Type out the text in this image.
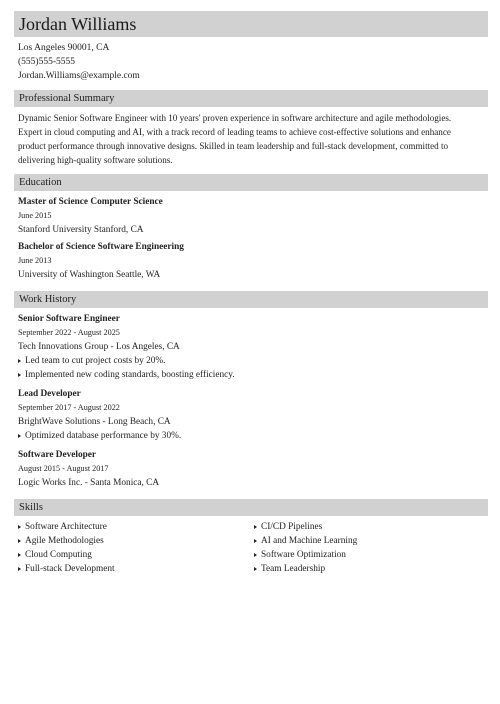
Jordan Williams
Los Angeles 90001, CA
(555)555-5555
Jordan.Williams@example.com
Professional Summary
Dynamic Senior Software Engineer with 10 years' proven experience in software architecture and agile methodologies.
Expert in cloud computing and AI, with a track record of leading teams to achieve cost-effective solutions and enhance
product performance through innovative designs. Skilled in team leadership and full-stack development, committed to
delivering high-quality software solutions.
Education
Master of Science Computer Science
June 2015
Stanford University Stanford, CA
Bachelor of Science Software Engineering
June 2013
University of Washington Seattle, WA
Work History
Senior Software Engineer
September 2022 - August 2025
Tech Innovations Group - Los Angeles, CA
Led team to cut project costs by 20%.
Implemented new coding standards, boosting efficiency.
Lead Developer
September 2017 - August 2022
BrightWave Solutions - Long Beach, CA
Optimized database performance by 30%.
Software Developer
August 2015 - August 2017
Logic Works Inc. - Santa Monica, CA
Skills
Software Architecture
Agile Methodologies
Cloud Computing
Full-stack Development
CI/CD Pipelines
AI and Machine Learning
Software Optimization
Team Leadership
